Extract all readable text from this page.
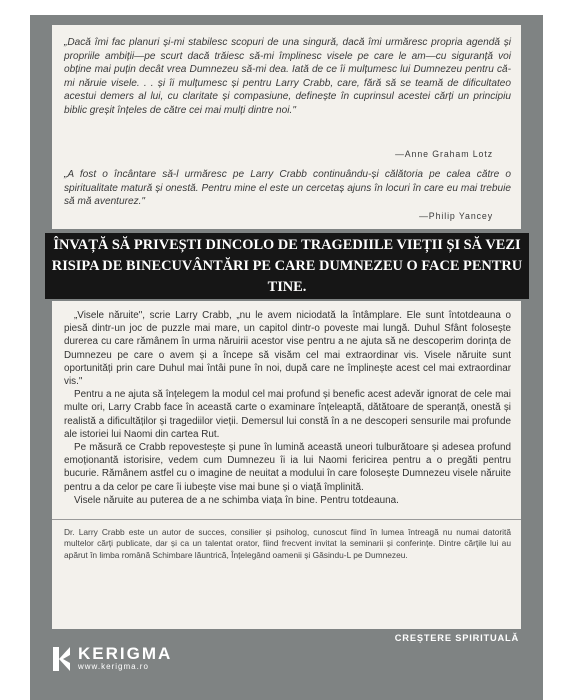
„Dacă îmi fac planuri și-mi stabilesc scopuri de una singură, dacă îmi urmăresc propria agendă și propriile ambiții—pe scurt dacă trăiesc să-mi împlinesc visele pe care le am—cu siguranță voi obține mai puțin decât vrea Dumnezeu să-mi dea. Iată de ce îi mulțumesc lui Dumnezeu pentru că-mi năruie visele. . . și îi mulțumesc și pentru Larry Crabb, care, fără să se teamă de dificultateo acestui demers al lui, cu claritate și compasiune, definește în cuprinsul acestei cărți un principiu biblic greșit înțeles de către cei mai mulți dintre noi."
—Anne Graham Lotz
„A fost o încântare să-l urmăresc pe Larry Crabb continuându-și călătoria pe calea către o spiritualitate matură și onestă. Pentru mine el este un cercetaș ajuns în locuri în care eu mai trebuie să mă aventurez."
—Philip Yancey
ÎNVAȚĂ SĂ PRIVEȘTI DINCOLO DE TRAGEDIILE VIEȚII ȘI SĂ VEZI
RISIPA DE BINECUVÂNTĂRI PE CARE DUMNEZEU O FACE PENTRU TINE.

„Visele năruite", scrie Larry Crabb, „nu le avem niciodată la întâmplare. Ele sunt întotdeauna o piesă dintr-un joc de puzzle mai mare, un capitol dintr-o poveste mai lungă. Duhul Sfânt folosește durerea cu care rămânem în urma năruirii acestor vise pentru a ne ajuta să ne descoperim dorința de Dumnezeu pe care o avem și a începe să visăm cel mai extraordinar vis. Visele năruite sunt oportunități prin care Duhul mai întâi pune în noi, după care ne împlinește acest cel mai extraordinar vis."

Pentru a ne ajuta să înțelegem la modul cel mai profund și benefic acest adevăr ignorat de cele mai multe ori, Larry Crabb face în această carte o examinare înțeleaptă, dătătoare de speranță, onestă și realistă a dificultăților și tragediilor vieții. Demersul lui constă în a ne descoperi sensurile mai profunde ale istoriei lui Naomi din cartea Rut.

Pe măsură ce Crabb repovestește și pune în lumină această uneori tulburătoare și adesea profund emoționantă istorisire, vedem cum Dumnezeu îi ia lui Naomi fericirea pentru a o pregăti pentru bucurie. Rămânem astfel cu o imagine de neuitat a modului în care folosește Dumnezeu visele năruite pentru a da celor pe care îi iubește vise mai bune și o viață împlinită.

Visele năruite au puterea de a ne schimba viața în bine. Pentru totdeauna.

Dr. Larry Crabb este un autor de succes, consilier și psiholog, cunoscut fiind în lumea întreagă nu numai datorită multelor cărți publicate, dar și ca un talentat orator, fiind frecvent invitat la seminarii și conferințe. Dintre cărțile lui au apărut în limba română Schimbare lăuntrică, Înțelegând oamenii și Găsindu-L pe Dumnezeu.
CREȘTERE SPIRITUALĂ
KERIGMA
www.kerigma.ro
